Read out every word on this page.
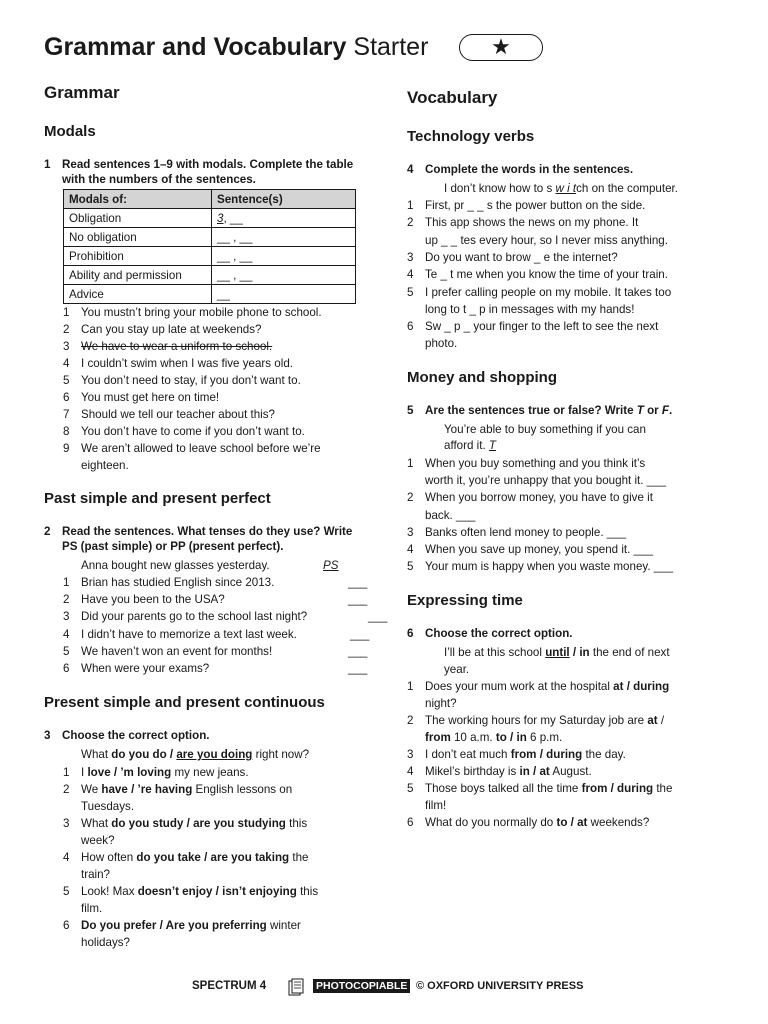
Grammar and Vocabulary Starter	★
Grammar
Modals
1 Read sentences 1–9 with modals. Complete the table with the numbers of the sentences.
Modals of:	Sentence(s)
Obligation	3, __
No obligation	__ , __
Prohibition	__ , __
Ability and permission	__ , __
Advice	__
1 You mustn’t bring your mobile phone to school.
2 Can you stay up late at weekends?
3 We have to wear a uniform to school.
4 I couldn’t swim when I was five years old.
5 You don’t need to stay, if you don’t want to.
6 You must get here on time!
7 Should we tell our teacher about this?
8 You don’t have to come if you don’t want to.
9 We aren’t allowed to leave school before we’re
eighteen.
Past simple and present perfect
2 Read the sentences. What tenses do they use? Write PS (past simple) or PP (present perfect).
Anna bought new glasses yesterday.	PS
1 Brian has studied English since 2013.	___
2 Have you been to the USA?	___
3 Did your parents go to the school last night?	___
4 I didn’t have to memorize a text last week.	___
5 We haven’t won an event for months!	___
6 When were your exams?	___
Present simple and present continuous
3 Choose the correct option.
What do you do / are you doing right now?
1 I love / ’m loving my new jeans.
2 We have / ’re having English lessons on
Tuesdays.
3 What do you study / are you studying this
week?
4 How often do you take / are you taking the
train?
5 Look! Max doesn’t enjoy / isn’t enjoying this
film.
6 Do you prefer / Are you preferring winter
holidays?
Vocabulary
Technology verbs
4 Complete the words in the sentences.
I don’t know how to s w i tch on the computer.
1 First, pr _ _ s the power button on the side.
2 This app shows the news on my phone. It
up _ _ tes every hour, so I never miss anything.
3 Do you want to brow _ e the internet?
4 Te _ t me when you know the time of your train.
5 I prefer calling people on my mobile. It takes too
long to t _ p in messages with my hands!
6 Sw _ p _ your finger to the left to see the next
photo.
Money and shopping
5 Are the sentences true or false? Write T or F.
You’re able to buy something if you can
afford it. T
1 When you buy something and you think it’s
worth it, you’re unhappy that you bought it. ___
2 When you borrow money, you have to give it
back. ___
3 Banks often lend money to people. ___
4 When you save up money, you spend it. ___
5 Your mum is happy when you waste money. ___
Expressing time
6 Choose the correct option.
I’ll be at this school until / in the end of next
year.
1 Does your mum work at the hospital at / during
night?
2 The working hours for my Saturday job are at /
from 10 a.m. to / in 6 p.m.
3 I don’t eat much from / during the day.
4 Mikel’s birthday is in / at August.
5 Those boys talked all the time from / during the
film!
6 What do you normally do to / at weekends?
SPECTRUM 4	PHOTOCOPIABLE © OXFORD UNIVERSITY PRESS
